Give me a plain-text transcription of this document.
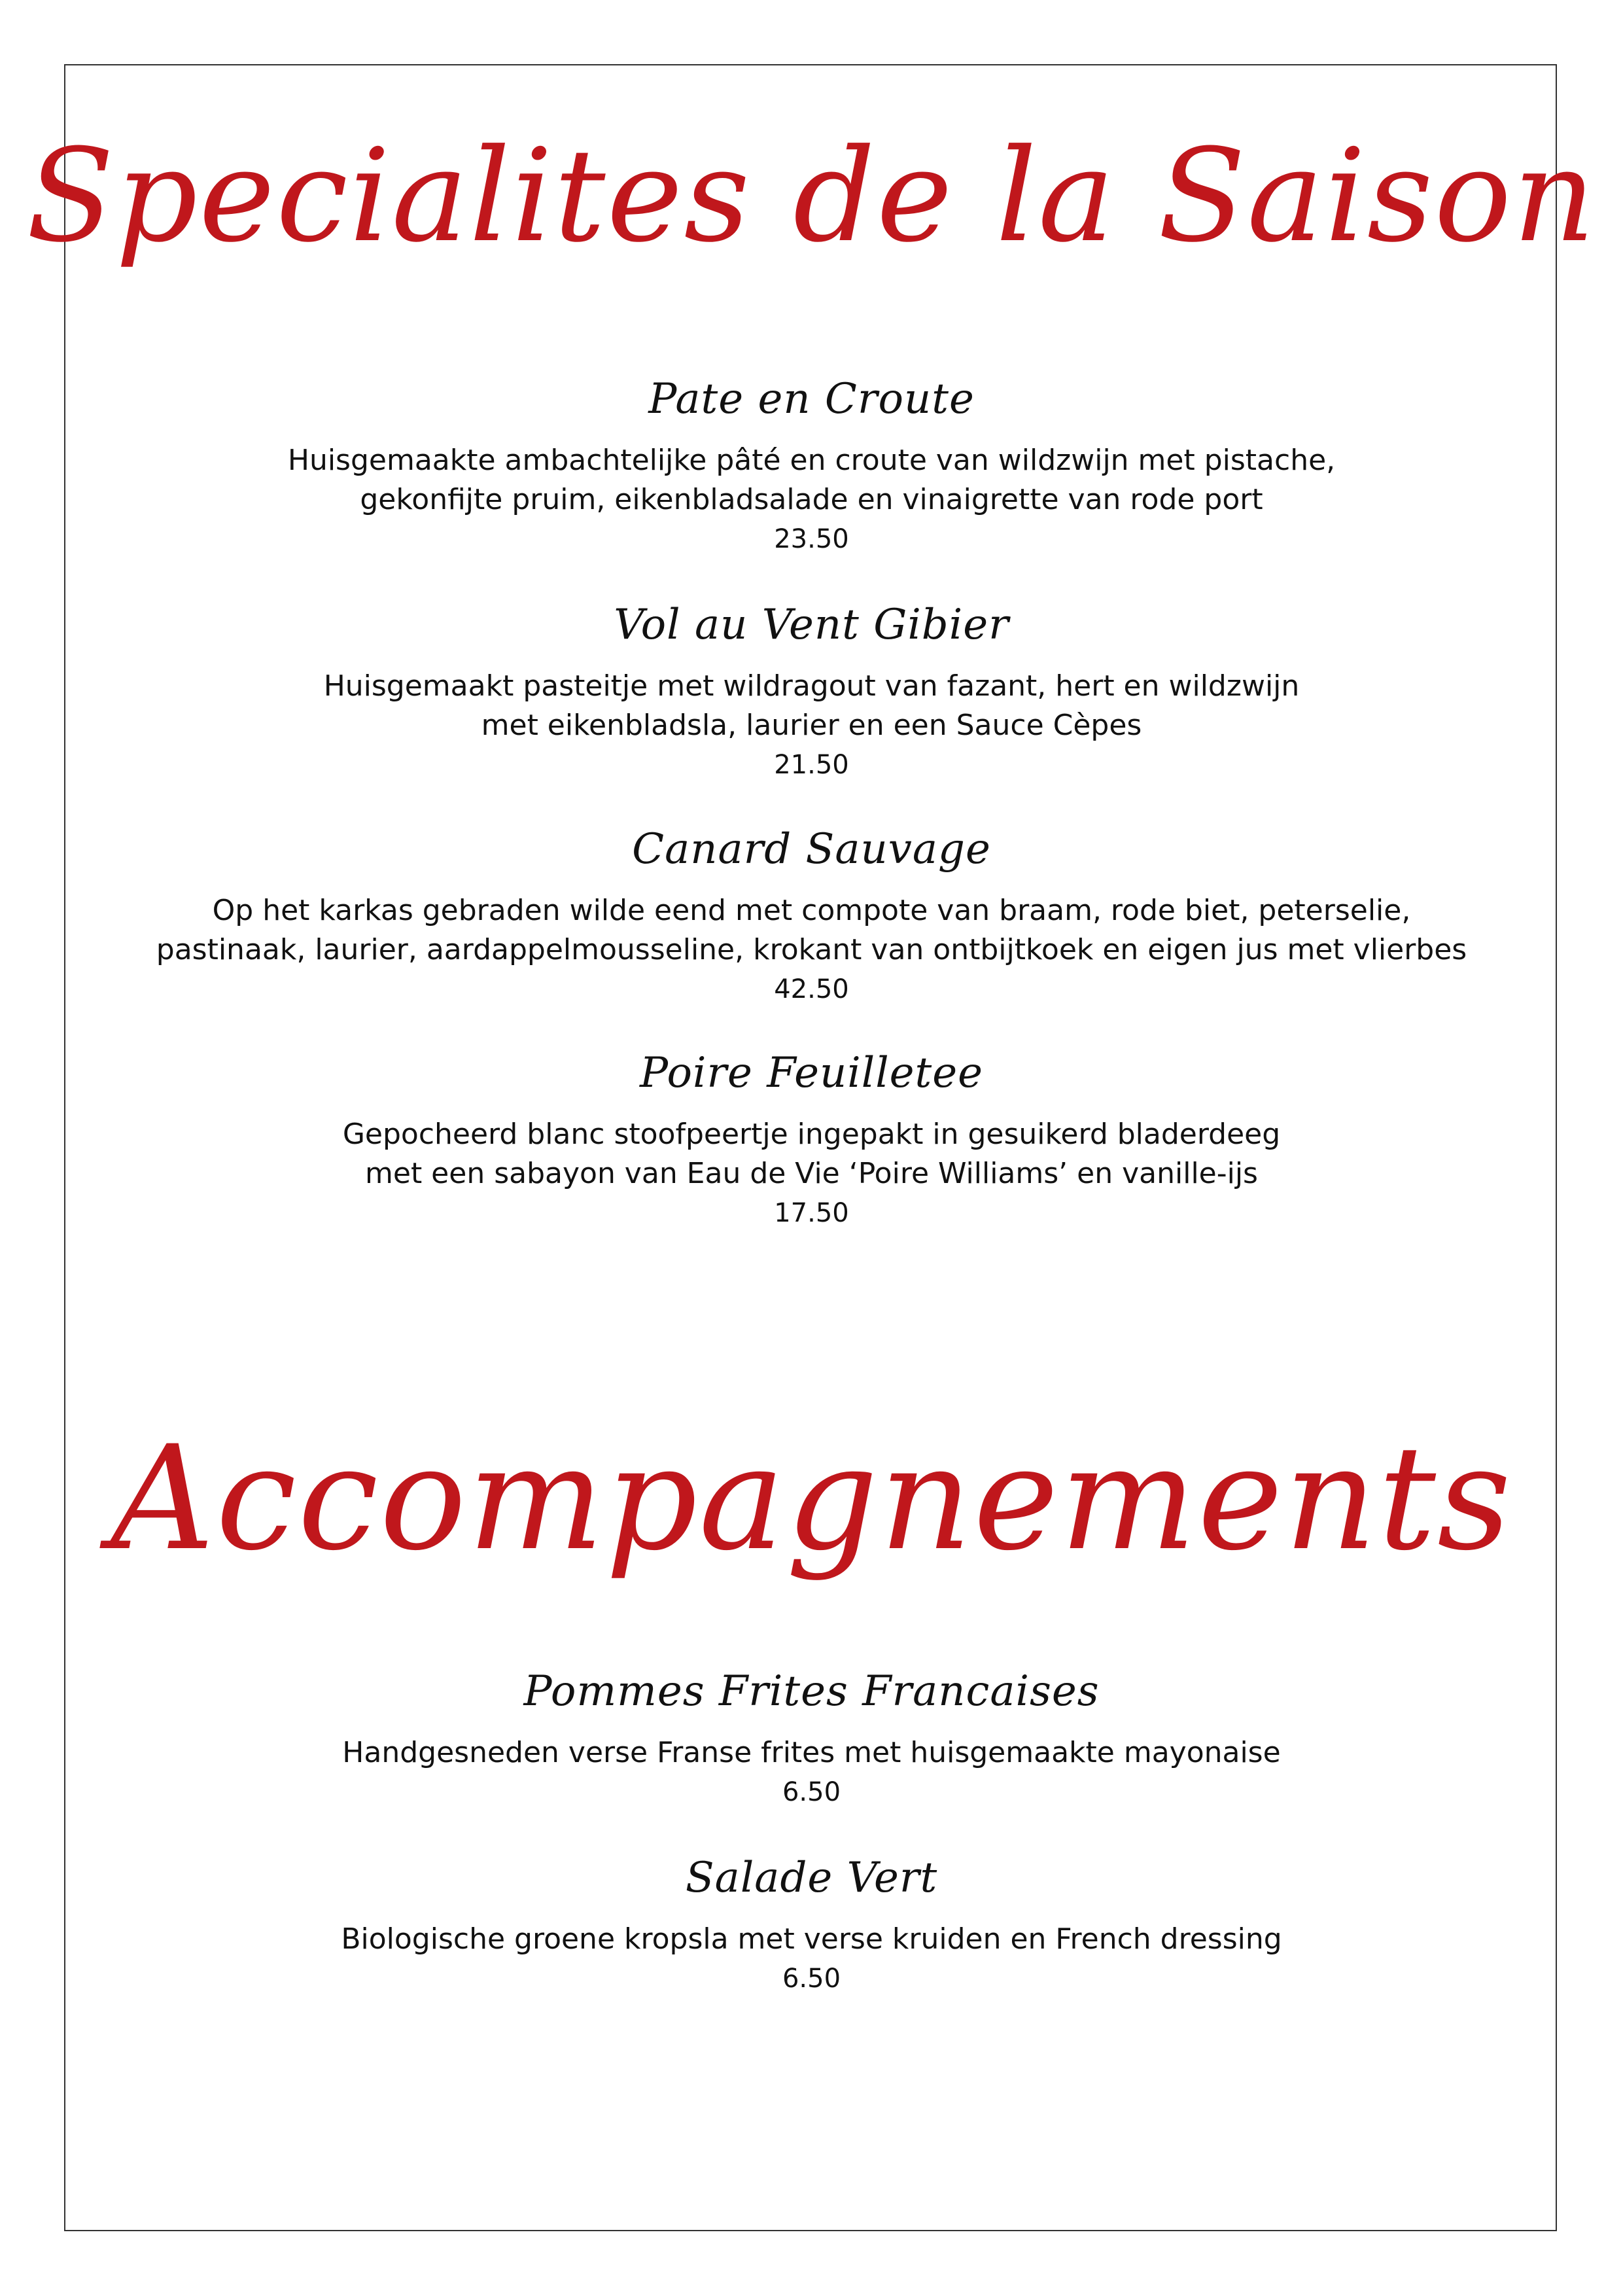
Specialites de la Saison
Pate en Croute
Huisgemaakte ambachtelijke pâté en croute van wildzwijn met pistache,
gekonfijte pruim, eikenbladsalade en vinaigrette van rode port
23.50
Vol au Vent Gibier
Huisgemaakt pasteitje met wildragout van fazant, hert en wildzwijn
met eikenbladsla, laurier en een Sauce Cèpes
21.50
Canard Sauvage
Op het karkas gebraden wilde eend met compote van braam, rode biet, peterselie,
pastinaak, laurier, aardappelmousseline, krokant van ontbijtkoek en eigen jus met vlierbes
42.50
Poire Feuilletee
Gepocheerd blanc stoofpeertje ingepakt in gesuikerd bladerdeeg
met een sabayon van Eau de Vie ‘Poire Williams’ en vanille-ijs
17.50
Accompagnements
Pommes Frites Francaises
Handgesneden verse Franse frites met huisgemaakte mayonaise
6.50
Salade Vert
Biologische groene kropsla met verse kruiden en French dressing
6.50
